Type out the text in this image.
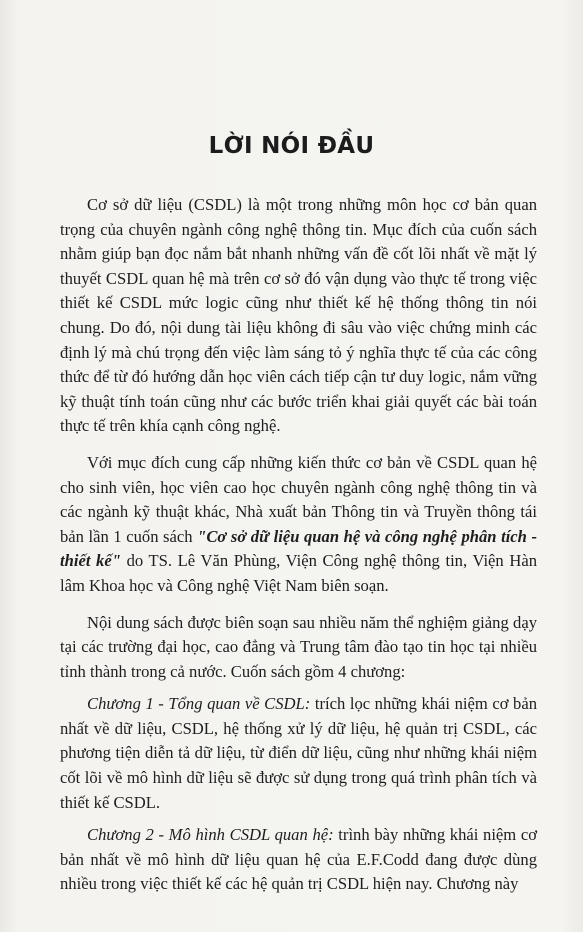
LỜI NÓI ĐẦU

Cơ sở dữ liệu (CSDL) là một trong những môn học cơ bản quan trọng của chuyên ngành công nghệ thông tin. Mục đích của cuốn sách nhằm giúp bạn đọc nắm bắt nhanh những vấn đề cốt lõi nhất về mặt lý thuyết CSDL quan hệ mà trên cơ sở đó vận dụng vào thực tế trong việc thiết kế CSDL mức logic cũng như thiết kế hệ thống thông tin nói chung. Do đó, nội dung tài liệu không đi sâu vào việc chứng minh các định lý mà chú trọng đến việc làm sáng tỏ ý nghĩa thực tế của các công thức để từ đó hướng dẫn học viên cách tiếp cận tư duy logic, nắm vững kỹ thuật tính toán cũng như các bước triển khai giải quyết các bài toán thực tế trên khía cạnh công nghệ.

Với mục đích cung cấp những kiến thức cơ bản về CSDL quan hệ cho sinh viên, học viên cao học chuyên ngành công nghệ thông tin và các ngành kỹ thuật khác, Nhà xuất bản Thông tin và Truyền thông tái bản lần 1 cuốn sách "Cơ sở dữ liệu quan hệ và công nghệ phân tích - thiết kế" do TS. Lê Văn Phùng, Viện Công nghệ thông tin, Viện Hàn lâm Khoa học và Công nghệ Việt Nam biên soạn.

Nội dung sách được biên soạn sau nhiều năm thể nghiệm giảng dạy tại các trường đại học, cao đẳng và Trung tâm đào tạo tin học tại nhiều tỉnh thành trong cả nước. Cuốn sách gồm 4 chương:

Chương 1 - Tổng quan về CSDL: trích lọc những khái niệm cơ bản nhất về dữ liệu, CSDL, hệ thống xử lý dữ liệu, hệ quản trị CSDL, các phương tiện diễn tả dữ liệu, từ điển dữ liệu, cũng như những khái niệm cốt lõi về mô hình dữ liệu sẽ được sử dụng trong quá trình phân tích và thiết kế CSDL.

Chương 2 - Mô hình CSDL quan hệ: trình bày những khái niệm cơ bản nhất về mô hình dữ liệu quan hệ của E.F.Codd đang được dùng nhiều trong việc thiết kế các hệ quản trị CSDL hiện nay. Chương này
